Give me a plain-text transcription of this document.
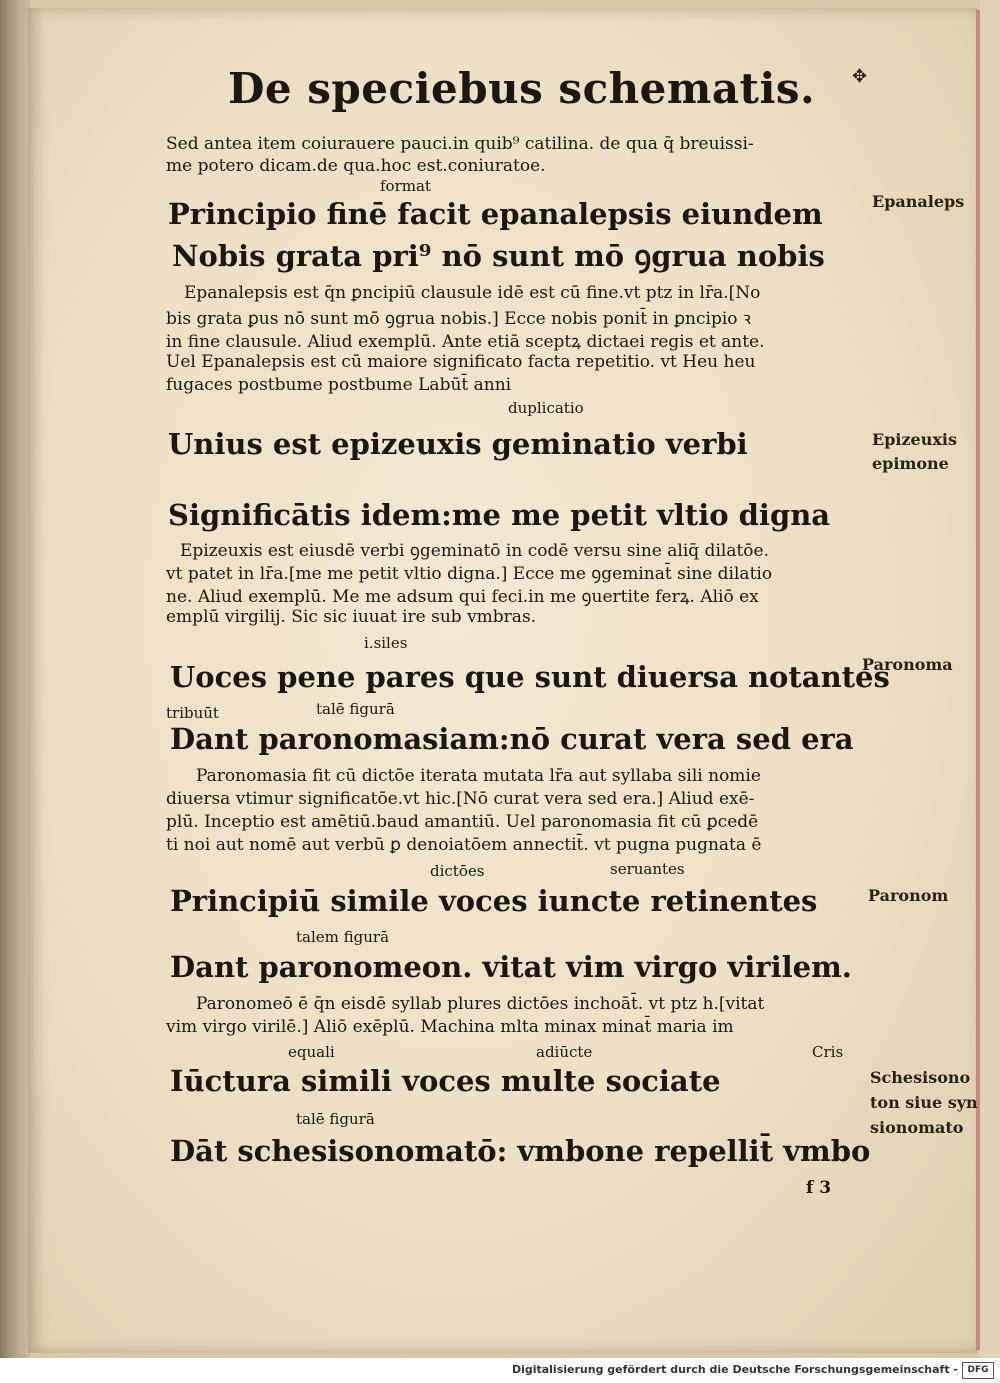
De speciebus schematis. ✥
Sed antea item coiurauere pauci.in quib⁹ catilina. de qua q̄ breuissi-
me potero dicam.de qua.hoc est.coniuratoe.
format
Principio finē facit epanalepsis eiundem
Nobis grata pri⁹ nō sunt mō ꝯgrua nobis
Epanalepsis est q̄n ꝑncipiū clausule idē est cū fine.vt ptz in lr̄a.[No
bis grata ꝑus nō sunt mō ꝯgrua nobis.] Ecce nobis ponit̄ in ꝑncipio ꝛ
in fine clausule. Aliud exemplū. Ante etiā sceptꝝ dictaei regis et ante.
Uel Epanalepsis est cū maiore significato facta repetitio. vt Heu heu
fugaces postbume postbume Labūt̄ anni
duplicatio
Unius est epizeuxis geminatio verbi
Significātis idem:me me petit vltio digna
Epizeuxis est eiusdē verbi ꝯgeminatō in codē versu sine aliq̄ dilatōe.
vt patet in lr̄a.[me me petit vltio digna.] Ecce me ꝯgeminat̄ sine dilatio
ne. Aliud exemplū. Me me adsum qui feci.in me ꝯuertite ferꝝ. Aliō ex
emplū virgilij. Sic sic iuuat ire sub vmbras.
i.siles
Uoces pene pares que sunt diuersa notantes
tribuūt	talē figurā
Dant paronomasiam:nō curat vera sed era
Paronomasia fit cū dictōe iterata mutata lr̄a aut syllaba sili nomie
diuersa vtimur significatōe.vt hic.[Nō curat vera sed era.] Aliud exē-
plū. Inceptio est amētiū.baud amantiū. Uel paronomasia fit cū ꝑcedē
ti noi aut nomē aut verbū ꝑ denoiatōem annectit̄. vt pugna pugnata ē
dictōes	seruantes
Principiū simile voces iuncte retinentes
talem figurā
Dant paronomeon. vitat vim virgo virilem.
Paronomeō ē q̄n eisdē syllab plures dictōes inchoāt̄. vt ptz h.[vitat
vim virgo virilē.] Aliō exēplū. Machina mlta minax minat̄ maria im
equali	adiūcte	Cris
Iūctura simili voces multe sociate
talē figurā
Dāt schesisonomatō: vmbone repellit̄ vmbo
f 3
Epanaleps
Epizeuxis
epimone
Paronoma
Paronom
Schesisono
ton siue syn
sionomato
Digitalisierung gefördert durch die Deutsche Forschungsgemeinschaft -	DFG
